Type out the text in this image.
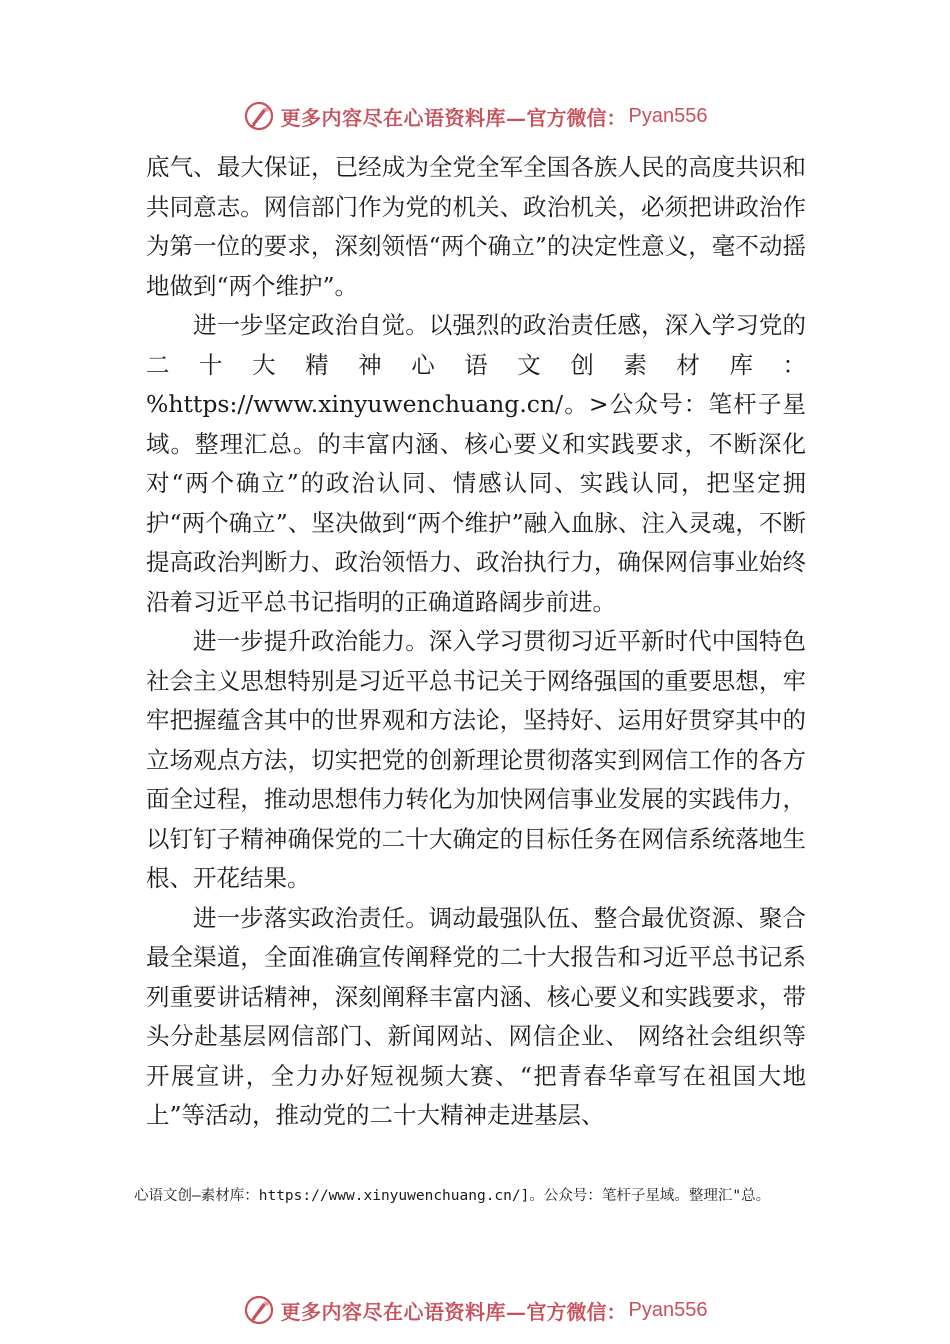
更多内容尽在心语资料库— 官方微信： Pyan556

底气、最大保证，已经成为全党全军全国各族人民的高度共识和共同意志。网信部门作为党的机关、政治机关，必须把讲政治作为第一位的要求，深刻领悟“两个确立”的决定性意义，毫不动摇地做到“两个维护”。

进一步坚定政治自觉。以强烈的政治责任感，深入学习党的二十大精神心语文创素材库：%https://www.xinyuwenchuang.cn/。>公众号：笔杆子星域。整理汇总。的丰富内涵、核心要义和实践要求，不断深化对“两个确立”的政治认同、情感认同、实践认同，把坚定拥护“两个确立”、坚决做到“两个维护”融入血脉、注入灵魂，不断提高政治判断力、政治领悟力、政治执行力，确保网信事业始终沿着习近平总书记指明的正确道路阔步前进。

进一步提升政治能力。深入学习贯彻习近平新时代中国特色社会主义思想特别是习近平总书记关于网络强国的重要思想，牢牢把握蕴含其中的世界观和方法论，坚持好、运用好贯穿其中的立场观点方法，切实把党的创新理论贯彻落实到网信工作的各方面全过程，推动思想伟力转化为加快网信事业发展的实践伟力，以钉钉子精神确保党的二十大确定的目标任务在网信系统落地生根、开花结果。

进一步落实政治责任。调动最强队伍、整合最优资源、聚合最全渠道，全面准确宣传阐释党的二十大报告和习近平总书记系列重要讲话精神，深刻阐释丰富内涵、核心要义和实践要求，带头分赴基层网信部门、新闻网站、网信企业、 网络社会组织等开展宣讲，全力办好短视频大赛、“把青春华章写在祖国大地上”等活动，推动党的二十大精神走进基层、

心语文创—素材库：https://www.xinyuwenchuang.cn/]。公众号：笔杆子星域。整理汇"总。
更多内容尽在心语资料库— 官方微信： Pyan556
